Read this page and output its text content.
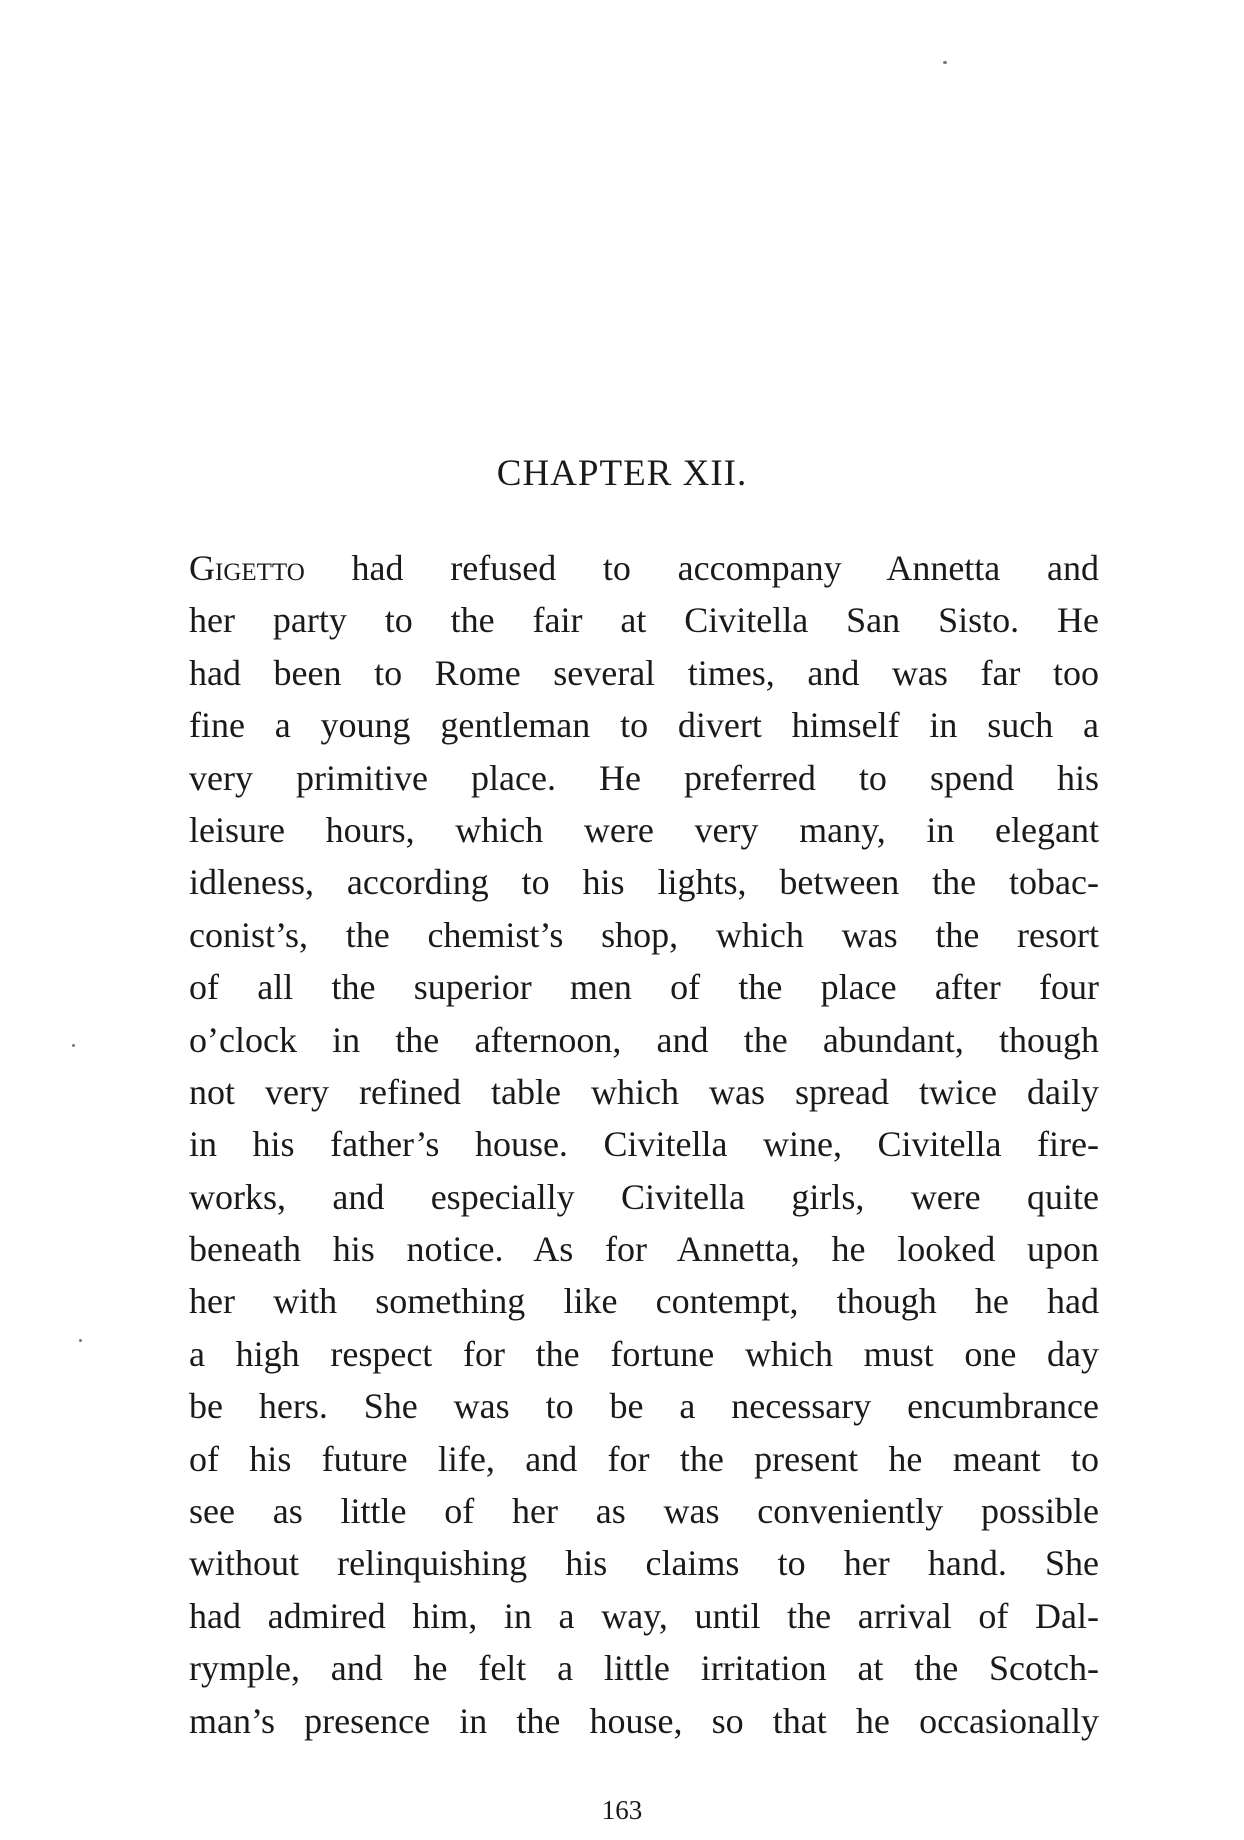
CHAPTER XII.
Gigetto had refused to accompany Annetta and
her party to the fair at Civitella San Sisto. He
had been to Rome several times, and was far too
fine a young gentleman to divert himself in such a
very primitive place. He preferred to spend his
leisure hours, which were very many, in elegant
idleness, according to his lights, between the tobac-
conist’s, the chemist’s shop, which was the resort
of all the superior men of the place after four
o’clock in the afternoon, and the abundant, though
not very refined table which was spread twice daily
in his father’s house. Civitella wine, Civitella fire-
works, and especially Civitella girls, were quite
beneath his notice. As for Annetta, he looked upon
her with something like contempt, though he had
a high respect for the fortune which must one day
be hers. She was to be a necessary encumbrance
of his future life, and for the present he meant to
see as little of her as was conveniently possible
without relinquishing his claims to her hand. She
had admired him, in a way, until the arrival of Dal-
rymple, and he felt a little irritation at the Scotch-
man’s presence in the house, so that he occasionally
163
